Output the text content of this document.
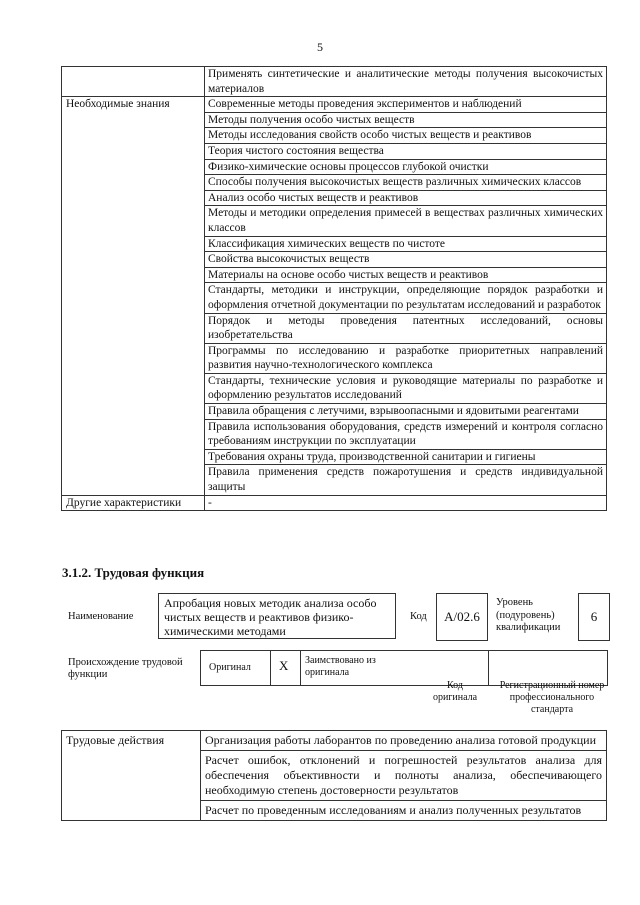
5
	Применять синтетические и аналитические методы получения высокочистых материалов
Необходимые знания	Современные методы проведения экспериментов и наблюдений
	Методы получения особо чистых веществ
	Методы исследования свойств особо чистых веществ и реактивов
	Теория чистого состояния вещества
	Физико-химические основы процессов глубокой очистки
	Способы получения высокочистых веществ различных химических классов
	Анализ особо чистых веществ и реактивов
	Методы и методики определения примесей в веществах различных химических классов
	Классификация химических веществ по чистоте
	Свойства высокочистых веществ
	Материалы на основе особо чистых веществ и реактивов
	Стандарты, методики и инструкции, определяющие порядок разработки и оформления отчетной документации по результатам исследований и разработок
	Порядок и методы проведения патентных исследований, основы изобретательства
	Программы по исследованию и разработке приоритетных направлений развития научно-технологического комплекса
	Стандарты, технические условия и руководящие материалы по разработке и оформлению результатов исследований
	Правила обращения с летучими, взрывоопасными и ядовитыми реагентами
	Правила использования оборудования, средств измерений и контроля согласно требованиям инструкции по эксплуатации
	Требования охраны труда, производственной санитарии и гигиены
	Правила применения средств пожаротушения и средств индивидуальной защиты
Другие характеристики	-
3.1.2. Трудовая функция
Наименование
Апробация новых методик анализа особо чистых веществ и реактивов физико-химическими методами
Код	A/02.6
Уровень (подуровень) квалификации
6
Происхождение трудовой функции
Оригинал X Заимствовано из оригинала
Код оригинала
Регистрационный номер профессионального стандарта
Трудовые действия	Организация работы лаборантов по проведению анализа готовой продукции
Расчет ошибок, отклонений и погрешностей результатов анализа для обеспечения объективности и полноты анализа, обеспечивающего необходимую степень достоверности результатов
Расчет по проведенным исследованиям и анализ полученных результатов
